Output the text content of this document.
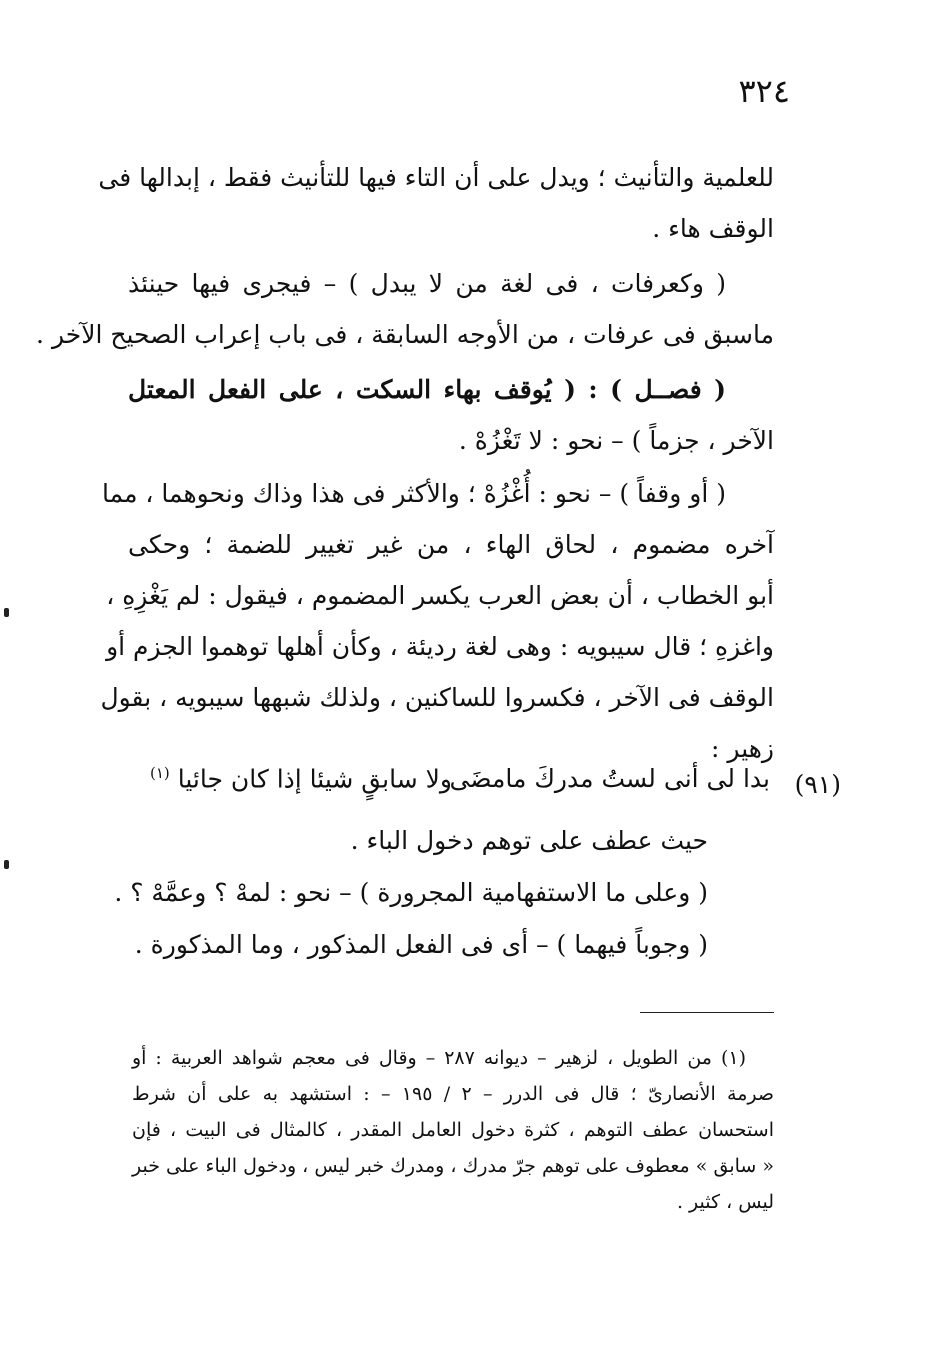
٣٢٤
للعلمية والتأنيث ؛ ويدل على أن التاء فيها للتأنيث فقط ، إبدالها فى
الوقف هاء .
( وكعرفات ، فى لغة من لا يبدل ) – فيجرى فيها حينئذ
ماسبق فى عرفات ، من الأوجه السابقة ، فى باب إعراب الصحيح الآخر .
( فصــل ) : ( يُوقف بهاء السكت ، على الفعل المعتل
الآخر ، جزماً ) – نحو : لا تَغْزُهْ .
( أو وقفاً ) – نحو : أُغْزُهْ ؛ والأكثر فى هذا وذاك ونحوهما ، مما
آخره مضموم ، لحاق الهاء ، من غير تغيير للضمة ؛ وحكى
أبو الخطاب ، أن بعض العرب يكسر المضموم ، فيقول : لم يَغْزِهِ ،
واغزهِ ؛ قال سيبويه : وهى لغة رديئة ، وكأن أهلها توهموا الجزم أو
الوقف فى الآخر ، فكسروا للساكنين ، ولذلك شبهها سيبويه ، بقول
زهير :
(٩١)
بدا لى أنى لستُ مدركَ مامضَى
ولا سابقٍ شيئا إذا كان جائيا $^{(١)}$
حيث عطف على توهم دخول الباء .
( وعلى ما الاستفهامية المجرورة ) – نحو : لمهْ ؟ وعمَّهْ ؟ .
( وجوباً فيهما ) – أى فى الفعل المذكور ، وما المذكورة .
(١) من الطويل ، لزهير – ديوانه ٢٨٧ – وقال فى معجم شواهد العربية : أو
صرمة الأنصارىّ ؛ قال فى الدرر – ٢ / ١٩٥ – : استشهد به على أن شرط
استحسان عطف التوهم ، كثرة دخول العامل المقدر ، كالمثال فى البيت ، فإن
« سابق » معطوف على توهم جرّ مدرك ، ومدرك خبر ليس ، ودخول الباء على خبر
ليس ، كثير .
